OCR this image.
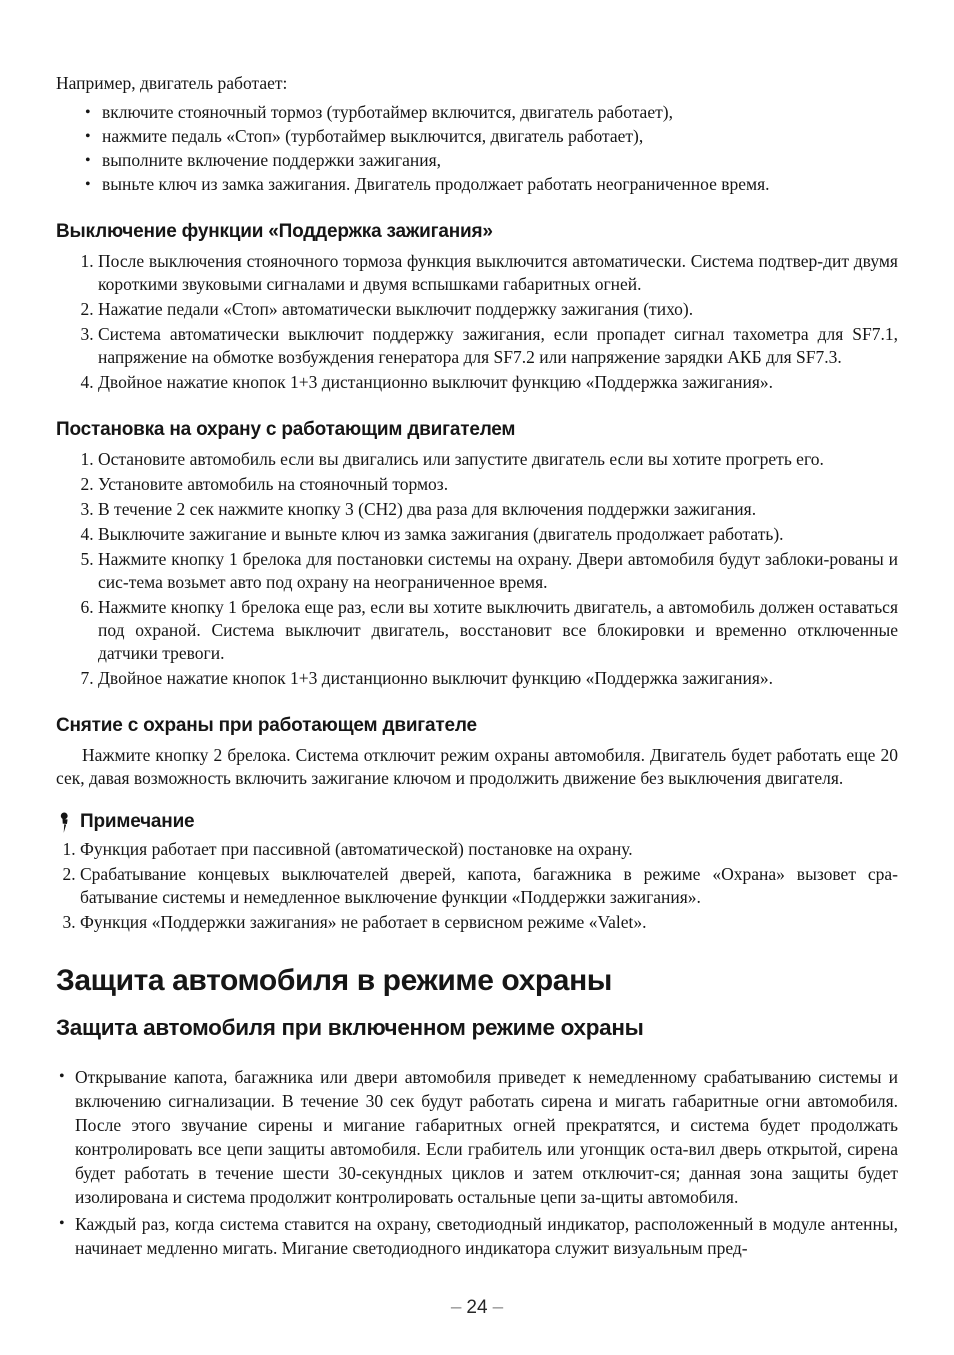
Например, двигатель работает:

• включите стояночный тормоз (турботаймер включится, двигатель работает),
• нажмите педаль «Стоп» (турботаймер выключится, двигатель работает),
• выполните включение поддержки зажигания,
• выньте ключ из замка зажигания. Двигатель продолжает работать неограниченное время.
Выключение функции «Поддержка зажигания»
1. После выключения стояночного тормоза функция выключится автоматически. Система подтвер-дит двумя короткими звуковыми сигналами и двумя вспышками габаритных огней.
2. Нажатие педали «Стоп» автоматически выключит поддержку зажигания (тихо).
3. Система автоматически выключит поддержку зажигания, если пропадет сигнал тахометра для SF7.1, напряжение на обмотке возбуждения генератора для SF7.2 или напряжение зарядки АКБ для SF7.3.
4. Двойное нажатие кнопок 1+3 дистанционно выключит функцию «Поддержка зажигания».
Постановка на охрану с работающим двигателем
1. Остановите автомобиль если вы двигались или запустите двигатель если вы хотите прогреть его.
2. Установите автомобиль на стояночный тормоз.
3. В течение 2 сек нажмите кнопку 3 (CH2) два раза для включения поддержки зажигания.
4. Выключите зажигание и выньте ключ из замка зажигания (двигатель продолжает работать).
5. Нажмите кнопку 1 брелока для постановки системы на охрану. Двери автомобиля будут заблоки-рованы и сис-тема возьмет авто под охрану на неограниченное время.
6. Нажмите кнопку 1 брелока еще раз, если вы хотите выключить двигатель, а автомобиль должен оставаться под охраной. Система выключит двигатель, восстановит все блокировки и временно отключенные датчики тревоги.
7. Двойное нажатие кнопок 1+3 дистанционно выключит функцию «Поддержка зажигания».
Снятие с охраны при работающем двигателе

Нажмите кнопку 2 брелока. Система отключит режим охраны автомобиля. Двигатель будет работать еще 20 сек, давая возможность включить зажигание ключом и продолжить движение без выключения двигателя.

Примечание
1. Функция работает при пассивной (автоматической) постановке на охрану.
2. Срабатывание концевых выключателей дверей, капота, багажника в режиме «Охрана» вызовет сра-батывание системы и немедленное выключение функции «Поддержки зажигания».
3. Функция «Поддержки зажигания» не работает в сервисном режиме «Valet».
Защита автомобиля в режиме охраны
Защита автомобиля при включенном режиме охраны
• Открывание капота, багажника или двери автомобиля приведет к немедленному срабатыванию системы и включению сигнализации. В течение 30 сек будут работать сирена и мигать габаритные огни автомобиля. После этого звучание сирены и мигание габаритных огней прекратятся, и система будет продолжать контролировать все цепи защиты автомобиля. Если грабитель или угонщик оста-вил дверь открытой, сирена будет работать в течение шести 30-секундных циклов и затем отключит-ся; данная зона защиты будет изолирована и система продолжит контролировать остальные цепи за-щиты автомобиля.
• Каждый раз, когда система ставится на охрану, светодиодный индикатор, расположенный в модуле антенны, начинает медленно мигать. Мигание светодиодного индикатора служит визуальным пред-
– 24 –
